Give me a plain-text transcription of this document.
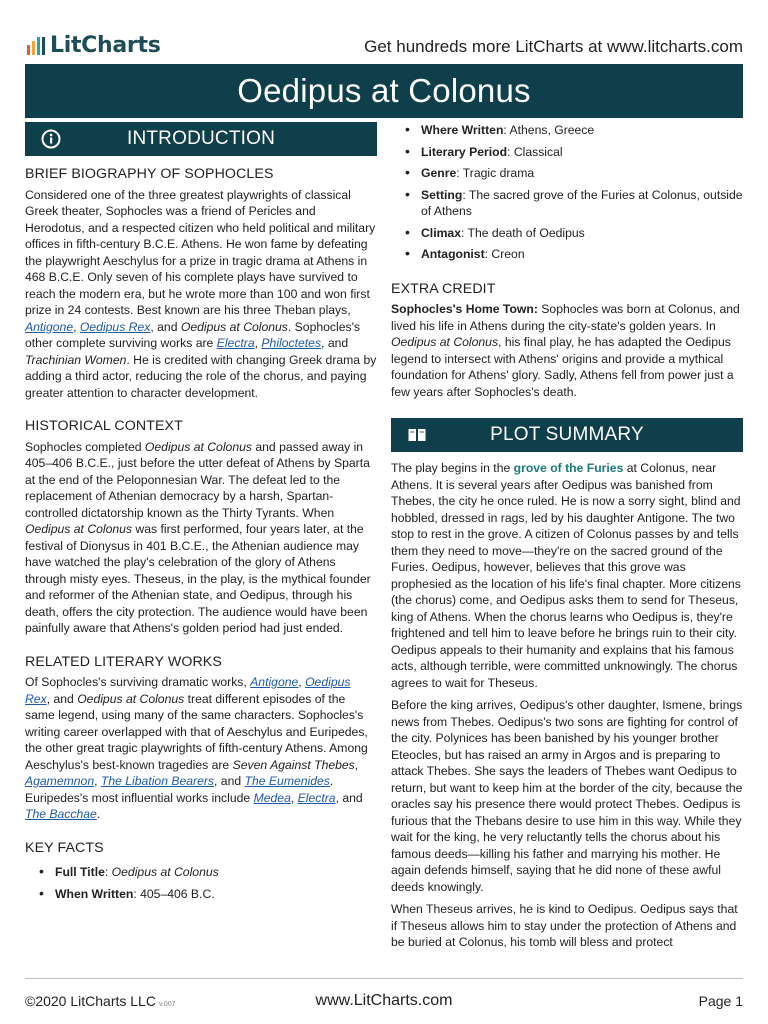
LitCharts	Get hundreds more LitCharts at www.litcharts.com
Oedipus at Colonus
INTRODUCTION
BRIEF BIOGRAPHY OF SOPHOCLES

Considered one of the three greatest playwrights of classical Greek theater, Sophocles was a friend of Pericles and Herodotus, and a respected citizen who held political and military offices in fifth-century B.C.E. Athens. He won fame by defeating the playwright Aeschylus for a prize in tragic drama at Athens in 468 B.C.E. Only seven of his complete plays have survived to reach the modern era, but he wrote more than 100 and won first prize in 24 contests. Best known are his three Theban plays, Antigone, Oedipus Rex, and Oedipus at Colonus. Sophocles's other complete surviving works are Electra, Philoctetes, and Trachinian Women. He is credited with changing Greek drama by adding a third actor, reducing the role of the chorus, and paying greater attention to character development.

HISTORICAL CONTEXT

Sophocles completed Oedipus at Colonus and passed away in 405–406 B.C.E., just before the utter defeat of Athens by Sparta at the end of the Peloponnesian War. The defeat led to the replacement of Athenian democracy by a harsh, Spartan-controlled dictatorship known as the Thirty Tyrants. When Oedipus at Colonus was first performed, four years later, at the festival of Dionysus in 401 B.C.E., the Athenian audience may have watched the play's celebration of the glory of Athens through misty eyes. Theseus, in the play, is the mythical founder and reformer of the Athenian state, and Oedipus, through his death, offers the city protection. The audience would have been painfully aware that Athens's golden period had just ended.

RELATED LITERARY WORKS

Of Sophocles's surviving dramatic works, Antigone, Oedipus Rex, and Oedipus at Colonus treat different episodes of the same legend, using many of the same characters. Sophocles's writing career overlapped with that of Aeschylus and Euripedes, the other great tragic playwrights of fifth-century Athens. Among Aeschylus's best-known tragedies are Seven Against Thebes, Agamemnon, The Libation Bearers, and The Eumenides. Euripedes's most influential works include Medea, Electra, and The Bacchae.

KEY FACTS
• Full Title: Oedipus at Colonus
• When Written: 405–406 B.C.
• Where Written: Athens, Greece
• Literary Period: Classical
• Genre: Tragic drama
• Setting: The sacred grove of the Furies at Colonus, outside of Athens
• Climax: The death of Oedipus
• Antagonist: Creon
EXTRA CREDIT

Sophocles's Home Town: Sophocles was born at Colonus, and lived his life in Athens during the city-state's golden years. In Oedipus at Colonus, his final play, he has adapted the Oedipus legend to intersect with Athens' origins and provide a mythical foundation for Athens' glory. Sadly, Athens fell from power just a few years after Sophocles's death.

PLOT SUMMARY

The play begins in the grove of the Furies at Colonus, near Athens. It is several years after Oedipus was banished from Thebes, the city he once ruled. He is now a sorry sight, blind and hobbled, dressed in rags, led by his daughter Antigone. The two stop to rest in the grove. A citizen of Colonus passes by and tells them they need to move—they're on the sacred ground of the Furies. Oedipus, however, believes that this grove was prophesied as the location of his life's final chapter. More citizens (the chorus) come, and Oedipus asks them to send for Theseus, king of Athens. When the chorus learns who Oedipus is, they're frightened and tell him to leave before he brings ruin to their city. Oedipus appeals to their humanity and explains that his famous acts, although terrible, were committed unknowingly. The chorus agrees to wait for Theseus.

Before the king arrives, Oedipus's other daughter, Ismene, brings news from Thebes. Oedipus's two sons are fighting for control of the city. Polynices has been banished by his younger brother Eteocles, but has raised an army in Argos and is preparing to attack Thebes. She says the leaders of Thebes want Oedipus to return, but want to keep him at the border of the city, because the oracles say his presence there would protect Thebes. Oedipus is furious that the Thebans desire to use him in this way. While they wait for the king, he very reluctantly tells the chorus about his famous deeds—killing his father and marrying his mother. He again defends himself, saying that he did none of these awful deeds knowingly.

When Theseus arrives, he is kind to Oedipus. Oedipus says that if Theseus allows him to stay under the protection of Athens and be buried at Colonus, his tomb will bless and protect

©2020 LitCharts LLC v.007	www.LitCharts.com	Page 1
